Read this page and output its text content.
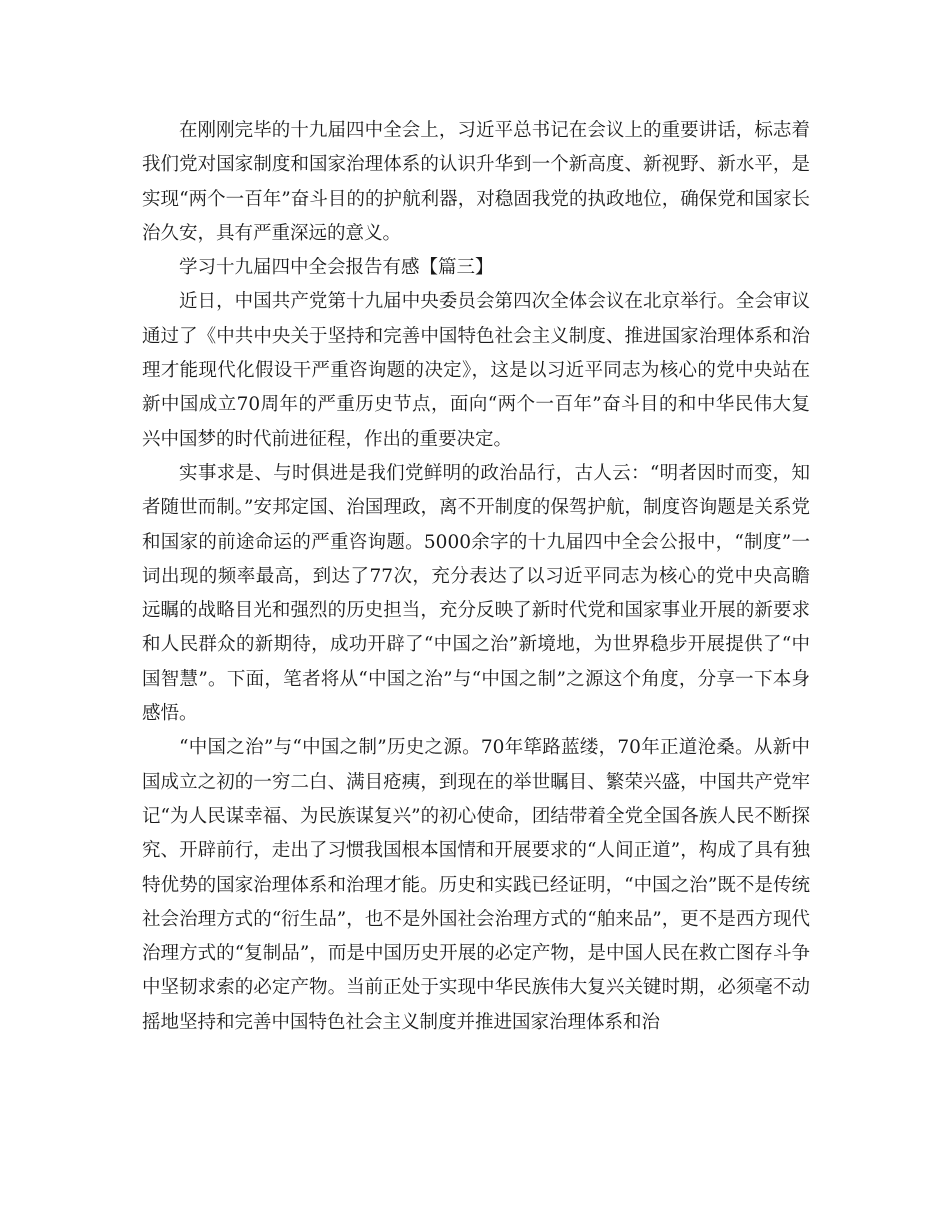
在刚刚完毕的十九届四中全会上，习近平总书记在会议上的重要讲话，标志着我们党对国家制度和国家治理体系的认识升华到一个新高度、新视野、新水平，是实现“两个一百年”奋斗目的的护航利器，对稳固我党的执政地位，确保党和国家长治久安，具有严重深远的意义。

学习十九届四中全会报告有感【篇三】

近日，中国共产党第十九届中央委员会第四次全体会议在北京举行。全会审议通过了《中共中央关于坚持和完善中国特色社会主义制度、推进国家治理体系和治理才能现代化假设干严重咨询题的决定》，这是以习近平同志为核心的党中央站在新中国成立70周年的严重历史节点，面向“两个一百年”奋斗目的和中华民伟大复兴中国梦的时代前进征程，作出的重要决定。

实事求是、与时俱进是我们党鲜明的政治品行，古人云：“明者因时而变，知者随世而制。”安邦定国、治国理政，离不开制度的保驾护航，制度咨询题是关系党和国家的前途命运的严重咨询题。5000余字的十九届四中全会公报中，“制度”一词出现的频率最高，到达了77次，充分表达了以习近平同志为核心的党中央高瞻远瞩的战略目光和强烈的历史担当，充分反映了新时代党和国家事业开展的新要求和人民群众的新期待，成功开辟了“中国之治”新境地，为世界稳步开展提供了“中国智慧”。下面，笔者将从“中国之治”与“中国之制”之源这个角度，分享一下本身感悟。

“中国之治”与“中国之制”历史之源。70年筚路蓝缕，70年正道沧桑。从新中国成立之初的一穷二白、满目疮痍，到现在的举世瞩目、繁荣兴盛，中国共产党牢记“为人民谋幸福、为民族谋复兴”的初心使命，团结带着全党全国各族人民不断探究、开辟前行，走出了习惯我国根本国情和开展要求的“人间正道”，构成了具有独特优势的国家治理体系和治理才能。历史和实践已经证明，“中国之治”既不是传统社会治理方式的“衍生品”，也不是外国社会治理方式的“舶来品”，更不是西方现代治理方式的“复制品”，而是中国历史开展的必定产物，是中国人民在救亡图存斗争中坚韧求索的必定产物。当前正处于实现中华民族伟大复兴关键时期，必须毫不动摇地坚持和完善中国特色社会主义制度并推进国家治理体系和治
